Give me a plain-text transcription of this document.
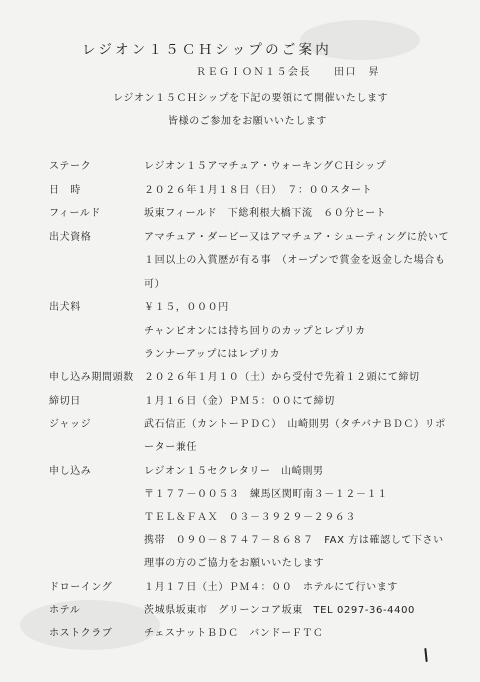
レジオン１５ＣＨシップのご案内
ＲＥＧＩＯＮ１５会長　　田口　昇
レジオン１５ＣＨシップを下記の要領にて開催いたします
皆様のご参加をお願いいたします
ステーク	レジオン１５アマチュア・ウォーキングＣＨシップ
日　時	２０２６年１月１８日（日）　７：００スタート
フィールド	坂東フィールド　下総利根大橋下流　６０分ヒート
出犬資格	アマチュア・ダービー又はアマチュア・シューティングに於いて
１回以上の入賞歴が有る事　（オープンで賞金を返金した場合も
可）
出犬料	￥１５，０００円
チャンピオンには持ち回りのカップとレプリカ
ランナーアップにはレプリカ
申し込み期間頭数 ２０２６年１月１０（土）から受付で先着１２頭にて締切
締切日	１月１６日（金）ＰＭ５：００にて締切
ジャッジ	武石信正（カントーＰＤＣ）　山崎則男（タチバナＢＤＣ）リポ
ーター兼任
申し込み	レジオン１５セクレタリー　山崎則男
〒１７７－００５３　練馬区関町南３－１２－１１
ＴＥＬ＆ＦＡＸ　０３－３９２９－２９６３
携帯　０９０－８７４７－８６８７　FAX 方は確認して下さい
理事の方のご協力をお願いいたします
ドローイング	１月１７日（土）ＰＭ４：００　ホテルにて行います
ホテル	茨城県坂東市　グリーンコア坂東　TEL 0297-36-4400
ホストクラブ	チェスナットＢＤＣ　バンドーＦＴＣ
